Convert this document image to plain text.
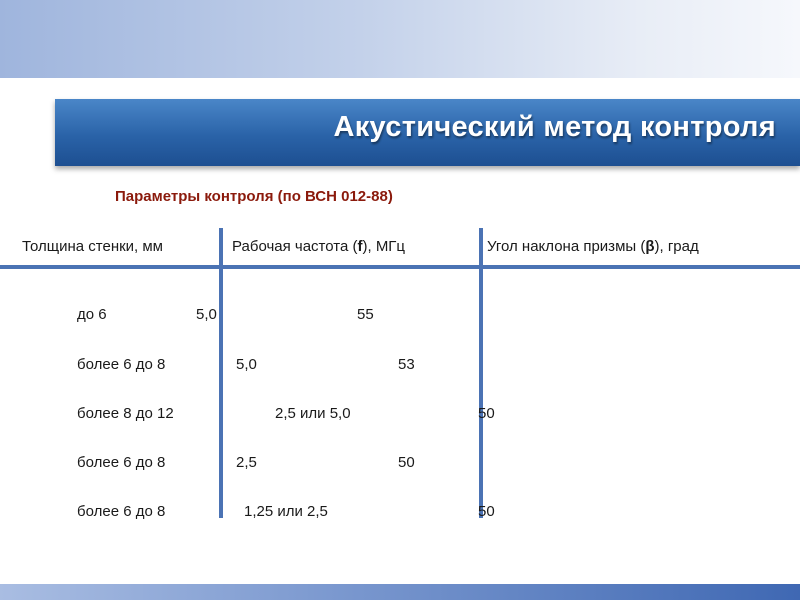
Акустический метод контроля
Параметры контроля (по ВСН 012-88)
Толщина стенки, мм	Рабочая частота (f), МГц	Угол наклона призмы (β), град
до 6	5,0	55
более 6 до 8	5,0	53
более 8 до 12	2,5 или 5,0	50
более 6 до 8	2,5	50
более 6 до 8	1,25 или 2,5	50
